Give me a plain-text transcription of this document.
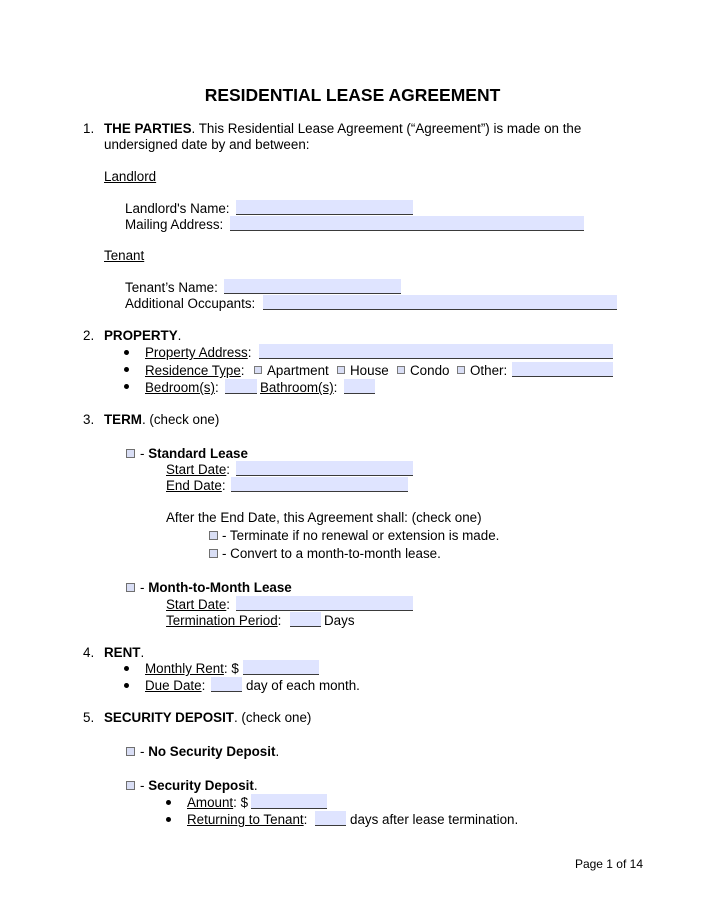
RESIDENTIAL LEASE AGREEMENT
1. THE PARTIES. This Residential Lease Agreement (“Agreement”) is made on the
undersigned date by and between:
Landlord
Landlord's Name:
Mailing Address:
Tenant
Tenant’s Name:
Additional Occupants:
2. PROPERTY.
Property Address:
Residence Type: Apartment House Condo Other:
Bedroom(s):	Bathroom(s):
3. TERM. (check one)
- Standard Lease
Start Date:
End Date:
After the End Date, this Agreement shall: (check one)
- Terminate if no renewal or extension is made.
- Convert to a month-to-month lease.
- Month-to-Month Lease
Start Date:
Termination Period:	Days
4. RENT.
Monthly Rent: $
Due Date:	day of each month.
5. SECURITY DEPOSIT. (check one)
- No Security Deposit.
- Security Deposit.
Amount: $
Returning to Tenant:	days after lease termination.
Page 1 of 14
